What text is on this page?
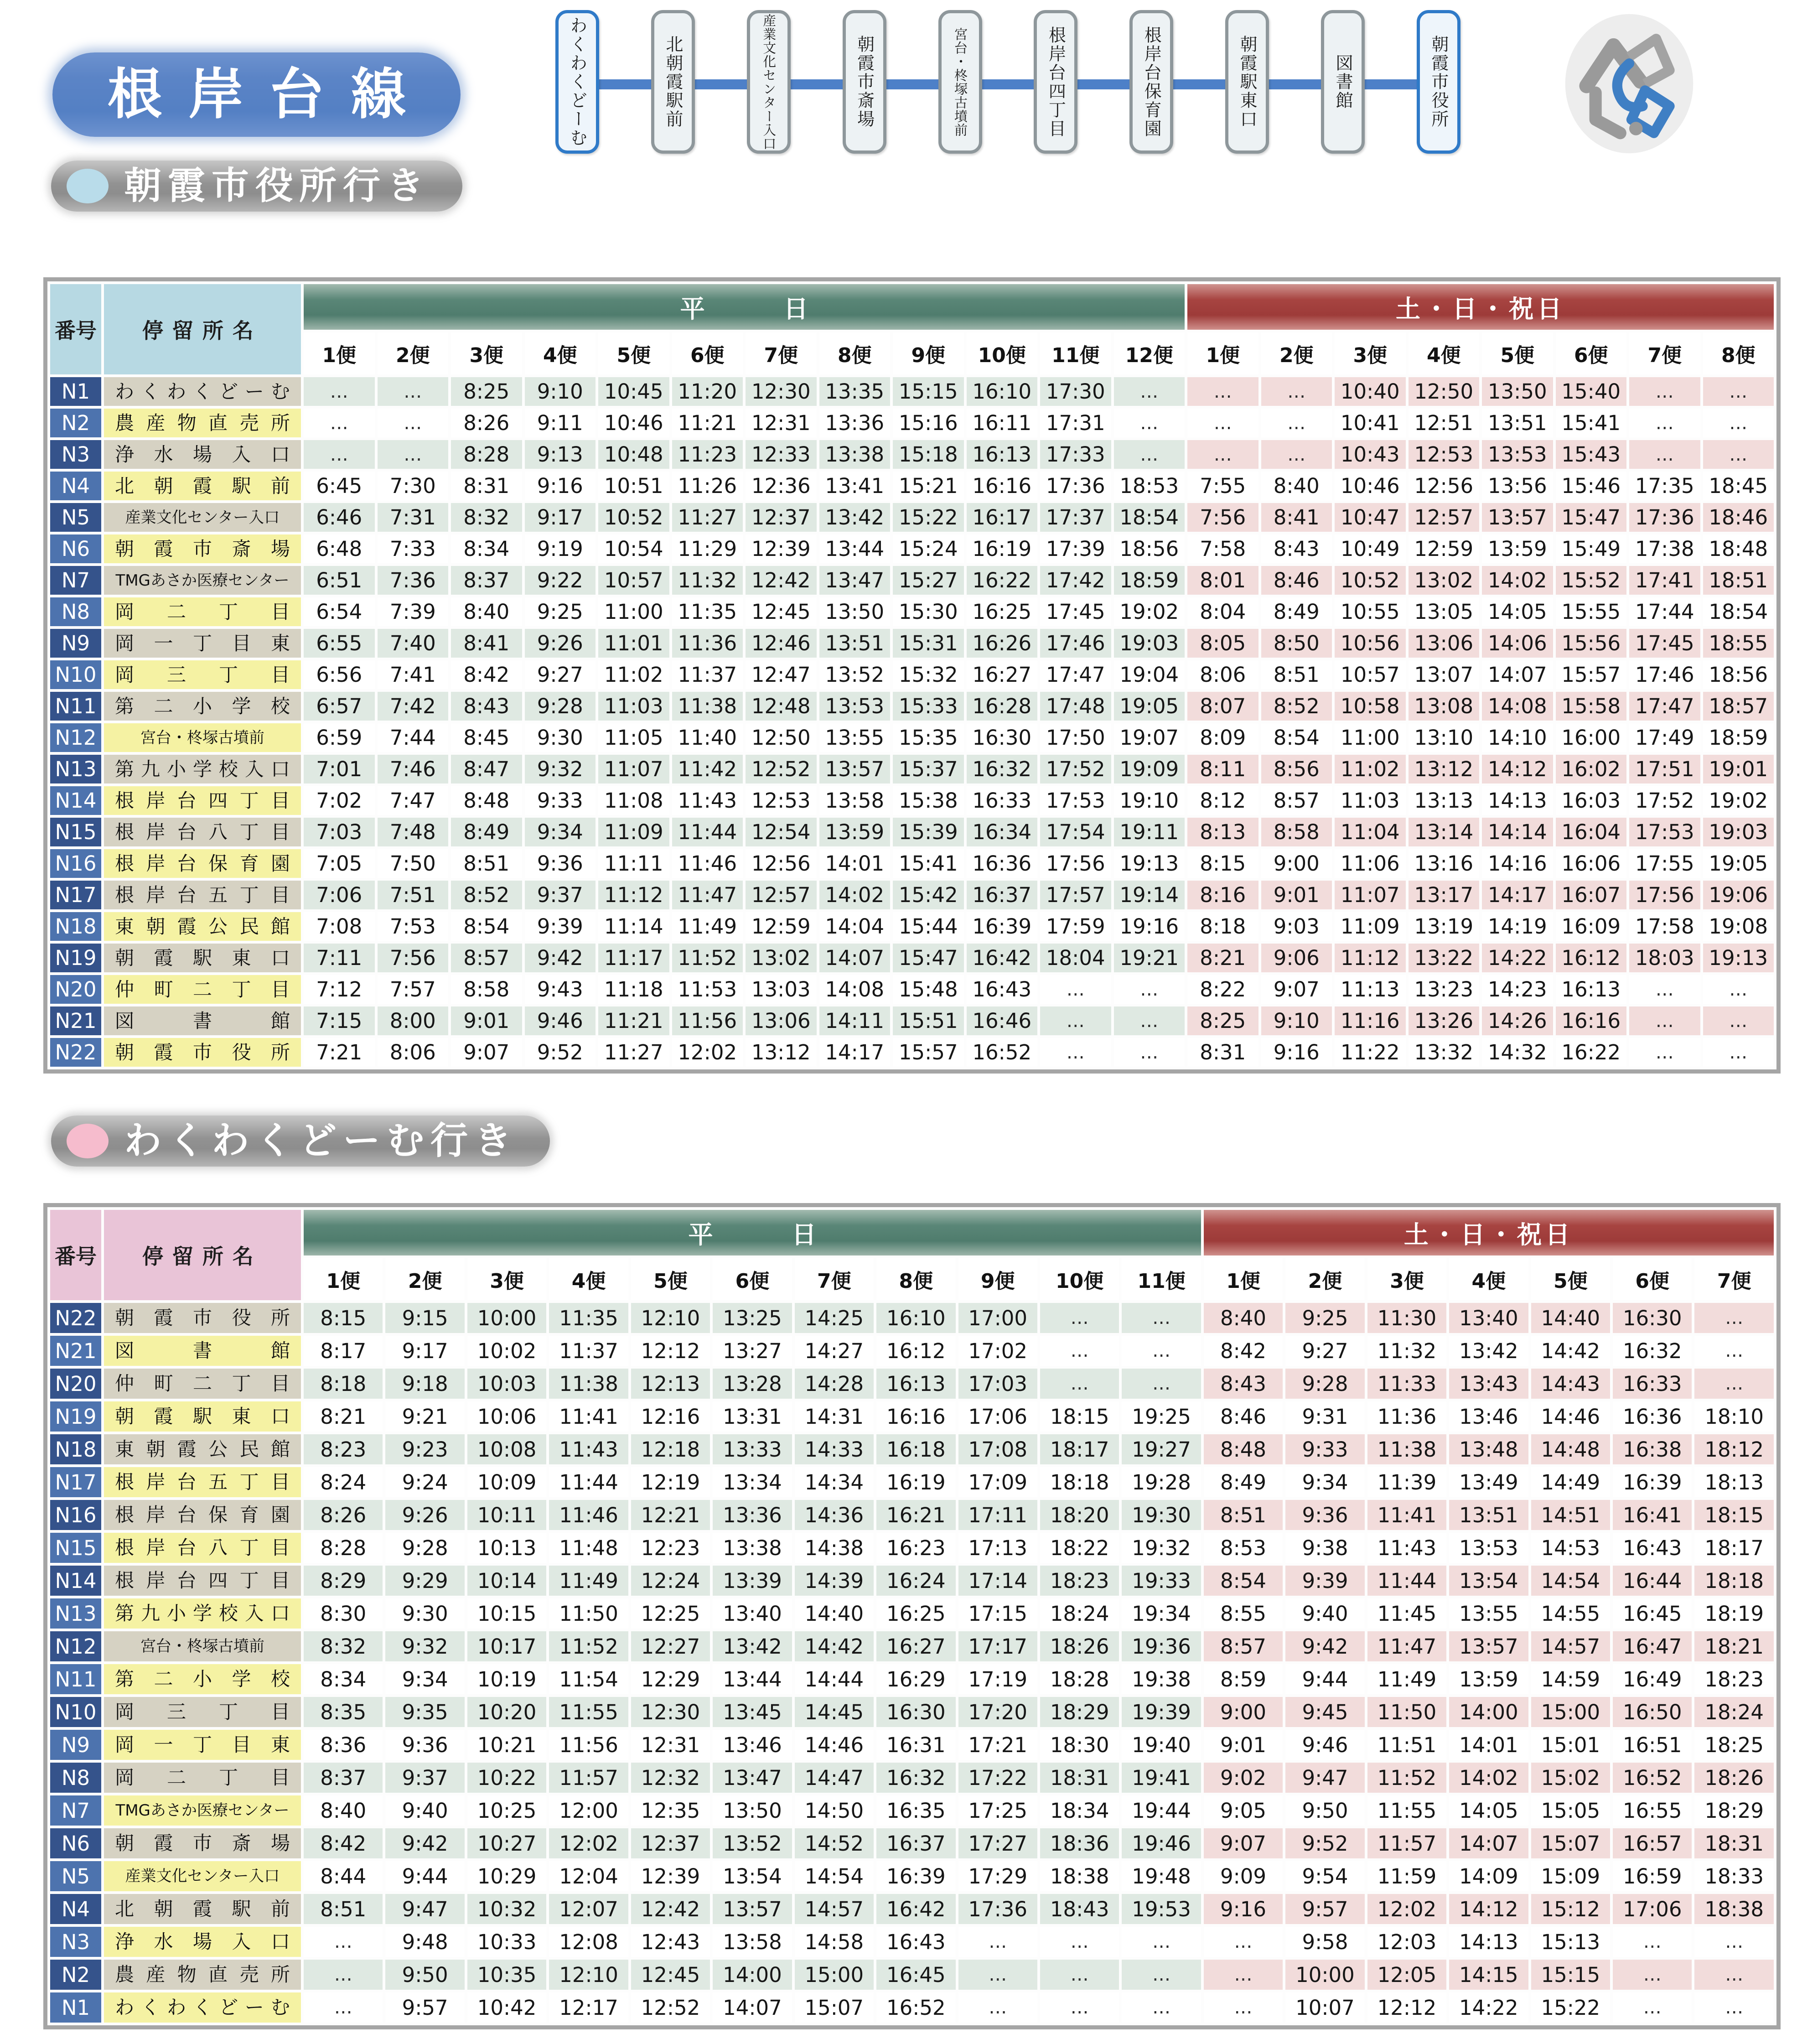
根岸台線	わくわくどーむ	北朝霞駅前	産業文化センター入口	朝霞市斎場	宮台・柊塚古墳前	根岸台四丁目	根岸台保育園	朝霞駅東口	図書館	朝霞市役所
朝霞市役所行き
番号	停留所名	平日												土・日・祝日							
		1便	2便	3便	4便	5便	6便	7便	8便	9便	10便	11便	12便	1便	2便	3便	4便	5便	6便	7便	8便
N1	わ く わ く ど ー む	…	…	8:25	9:10	10:45	11:20	12:30	13:35	15:15	16:10	17:30	…	…	…	10:40	12:50	13:50	15:40	…	…
N2	農 産 物 直 売 所	…	…	8:26	9:11	10:46	11:21	12:31	13:36	15:16	16:11	17:31	…	…	…	10:41	12:51	13:51	15:41	…	…
N3	浄 水 場 入 口	…	…	8:28	9:13	10:48	11:23	12:33	13:38	15:18	16:13	17:33	…	…	…	10:43	12:53	13:53	15:43	…	…
N4	北 朝 霞 駅 前	6:45	7:30	8:31	9:16	10:51	11:26	12:36	13:41	15:21	16:16	17:36	18:53	7:55	8:40	10:46	12:56	13:56	15:46	17:35	18:45
N5	産業文化センター入口	6:46	7:31	8:32	9:17	10:52	11:27	12:37	13:42	15:22	16:17	17:37	18:54	7:56	8:41	10:47	12:57	13:57	15:47	17:36	18:46
N6	朝 霞 市 斎 場	6:48	7:33	8:34	9:19	10:54	11:29	12:39	13:44	15:24	16:19	17:39	18:56	7:58	8:43	10:49	12:59	13:59	15:49	17:38	18:48
N7	TMGあさか医療センター	6:51	7:36	8:37	9:22	10:57	11:32	12:42	13:47	15:27	16:22	17:42	18:59	8:01	8:46	10:52	13:02	14:02	15:52	17:41	18:51
N8	岡 二 丁 目	6:54	7:39	8:40	9:25	11:00	11:35	12:45	13:50	15:30	16:25	17:45	19:02	8:04	8:49	10:55	13:05	14:05	15:55	17:44	18:54
N9	岡 一 丁 目 東	6:55	7:40	8:41	9:26	11:01	11:36	12:46	13:51	15:31	16:26	17:46	19:03	8:05	8:50	10:56	13:06	14:06	15:56	17:45	18:55
N10	岡 三 丁 目	6:56	7:41	8:42	9:27	11:02	11:37	12:47	13:52	15:32	16:27	17:47	19:04	8:06	8:51	10:57	13:07	14:07	15:57	17:46	18:56
N11	第 二 小 学 校	6:57	7:42	8:43	9:28	11:03	11:38	12:48	13:53	15:33	16:28	17:48	19:05	8:07	8:52	10:58	13:08	14:08	15:58	17:47	18:57
N12	宮台・柊塚古墳前	6:59	7:44	8:45	9:30	11:05	11:40	12:50	13:55	15:35	16:30	17:50	19:07	8:09	8:54	11:00	13:10	14:10	16:00	17:49	18:59
N13	第 九 小 学 校 入 口	7:01	7:46	8:47	9:32	11:07	11:42	12:52	13:57	15:37	16:32	17:52	19:09	8:11	8:56	11:02	13:12	14:12	16:02	17:51	19:01
N14	根 岸 台 四 丁 目	7:02	7:47	8:48	9:33	11:08	11:43	12:53	13:58	15:38	16:33	17:53	19:10	8:12	8:57	11:03	13:13	14:13	16:03	17:52	19:02
N15	根 岸 台 八 丁 目	7:03	7:48	8:49	9:34	11:09	11:44	12:54	13:59	15:39	16:34	17:54	19:11	8:13	8:58	11:04	13:14	14:14	16:04	17:53	19:03
N16	根 岸 台 保 育 園	7:05	7:50	8:51	9:36	11:11	11:46	12:56	14:01	15:41	16:36	17:56	19:13	8:15	9:00	11:06	13:16	14:16	16:06	17:55	19:05
N17	根 岸 台 五 丁 目	7:06	7:51	8:52	9:37	11:12	11:47	12:57	14:02	15:42	16:37	17:57	19:14	8:16	9:01	11:07	13:17	14:17	16:07	17:56	19:06
N18	東 朝 霞 公 民 館	7:08	7:53	8:54	9:39	11:14	11:49	12:59	14:04	15:44	16:39	17:59	19:16	8:18	9:03	11:09	13:19	14:19	16:09	17:58	19:08
N19	朝 霞 駅 東 口	7:11	7:56	8:57	9:42	11:17	11:52	13:02	14:07	15:47	16:42	18:04	19:21	8:21	9:06	11:12	13:22	14:22	16:12	18:03	19:13
N20	仲 町 二 丁 目	7:12	7:57	8:58	9:43	11:18	11:53	13:03	14:08	15:48	16:43	…	…	8:22	9:07	11:13	13:23	14:23	16:13	…	…
N21	図 書 館	7:15	8:00	9:01	9:46	11:21	11:56	13:06	14:11	15:51	16:46	…	…	8:25	9:10	11:16	13:26	14:26	16:16	…	…
N22	朝 霞 市 役 所	7:21	8:06	9:07	9:52	11:27	12:02	13:12	14:17	15:57	16:52	…	…	8:31	9:16	11:22	13:32	14:32	16:22	…	…
わくわくどーむ行き
番号	停留所名	平日											土・日・祝日						
		1便	2便	3便	4便	5便	6便	7便	8便	9便	10便	11便	1便	2便	3便	4便	5便	6便	7便
N22	朝 霞 市 役 所	8:15	9:15	10:00	11:35	12:10	13:25	14:25	16:10	17:00	…	…	8:40	9:25	11:30	13:40	14:40	16:30	…
N21	図 書 館	8:17	9:17	10:02	11:37	12:12	13:27	14:27	16:12	17:02	…	…	8:42	9:27	11:32	13:42	14:42	16:32	…
N20	仲 町 二 丁 目	8:18	9:18	10:03	11:38	12:13	13:28	14:28	16:13	17:03	…	…	8:43	9:28	11:33	13:43	14:43	16:33	…
N19	朝 霞 駅 東 口	8:21	9:21	10:06	11:41	12:16	13:31	14:31	16:16	17:06	18:15	19:25	8:46	9:31	11:36	13:46	14:46	16:36	18:10
N18	東 朝 霞 公 民 館	8:23	9:23	10:08	11:43	12:18	13:33	14:33	16:18	17:08	18:17	19:27	8:48	9:33	11:38	13:48	14:48	16:38	18:12
N17	根 岸 台 五 丁 目	8:24	9:24	10:09	11:44	12:19	13:34	14:34	16:19	17:09	18:18	19:28	8:49	9:34	11:39	13:49	14:49	16:39	18:13
N16	根 岸 台 保 育 園	8:26	9:26	10:11	11:46	12:21	13:36	14:36	16:21	17:11	18:20	19:30	8:51	9:36	11:41	13:51	14:51	16:41	18:15
N15	根 岸 台 八 丁 目	8:28	9:28	10:13	11:48	12:23	13:38	14:38	16:23	17:13	18:22	19:32	8:53	9:38	11:43	13:53	14:53	16:43	18:17
N14	根 岸 台 四 丁 目	8:29	9:29	10:14	11:49	12:24	13:39	14:39	16:24	17:14	18:23	19:33	8:54	9:39	11:44	13:54	14:54	16:44	18:18
N13	第 九 小 学 校 入 口	8:30	9:30	10:15	11:50	12:25	13:40	14:40	16:25	17:15	18:24	19:34	8:55	9:40	11:45	13:55	14:55	16:45	18:19
N12	宮台・柊塚古墳前	8:32	9:32	10:17	11:52	12:27	13:42	14:42	16:27	17:17	18:26	19:36	8:57	9:42	11:47	13:57	14:57	16:47	18:21
N11	第 二 小 学 校	8:34	9:34	10:19	11:54	12:29	13:44	14:44	16:29	17:19	18:28	19:38	8:59	9:44	11:49	13:59	14:59	16:49	18:23
N10	岡 三 丁 目	8:35	9:35	10:20	11:55	12:30	13:45	14:45	16:30	17:20	18:29	19:39	9:00	9:45	11:50	14:00	15:00	16:50	18:24
N9	岡 一 丁 目 東	8:36	9:36	10:21	11:56	12:31	13:46	14:46	16:31	17:21	18:30	19:40	9:01	9:46	11:51	14:01	15:01	16:51	18:25
N8	岡 二 丁 目	8:37	9:37	10:22	11:57	12:32	13:47	14:47	16:32	17:22	18:31	19:41	9:02	9:47	11:52	14:02	15:02	16:52	18:26
N7	TMGあさか医療センター	8:40	9:40	10:25	12:00	12:35	13:50	14:50	16:35	17:25	18:34	19:44	9:05	9:50	11:55	14:05	15:05	16:55	18:29
N6	朝 霞 市 斎 場	8:42	9:42	10:27	12:02	12:37	13:52	14:52	16:37	17:27	18:36	19:46	9:07	9:52	11:57	14:07	15:07	16:57	18:31
N5	産業文化センター入口	8:44	9:44	10:29	12:04	12:39	13:54	14:54	16:39	17:29	18:38	19:48	9:09	9:54	11:59	14:09	15:09	16:59	18:33
N4	北 朝 霞 駅 前	8:51	9:47	10:32	12:07	12:42	13:57	14:57	16:42	17:36	18:43	19:53	9:16	9:57	12:02	14:12	15:12	17:06	18:38
N3	浄 水 場 入 口	…	9:48	10:33	12:08	12:43	13:58	14:58	16:43	…	…	…	…	9:58	12:03	14:13	15:13	…	…
N2	農 産 物 直 売 所	…	9:50	10:35	12:10	12:45	14:00	15:00	16:45	…	…	…	…	10:00	12:05	14:15	15:15	…	…
N1	わ く わ く ど ー む	…	9:57	10:42	12:17	12:52	14:07	15:07	16:52	…	…	…	…	10:07	12:12	14:22	15:22	…	…
